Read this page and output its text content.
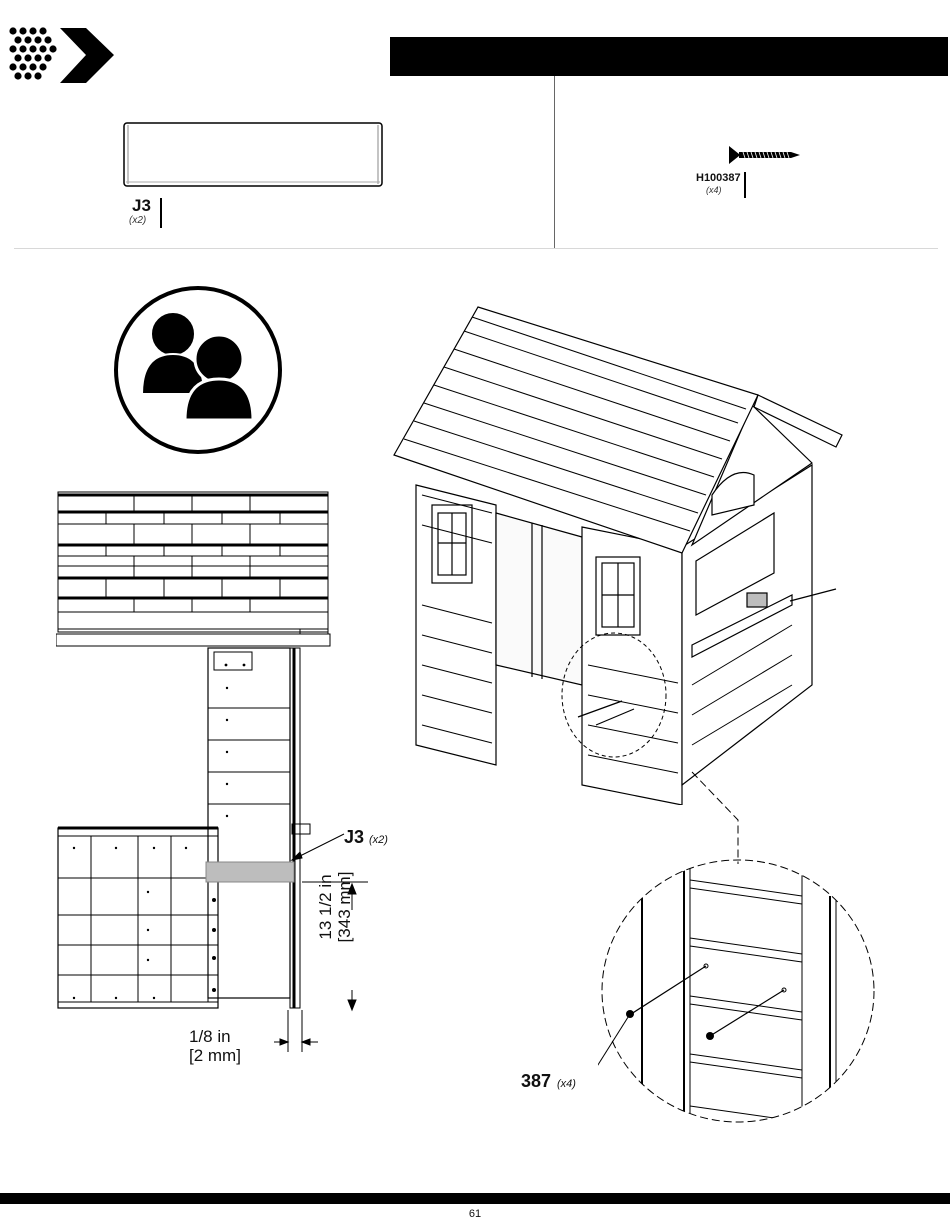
J3
(x2)
H100387
(x4)
J3 (x2)
13 1/2 in [343 mm]
1/8 in
[2 mm]
387 (x4)
61
